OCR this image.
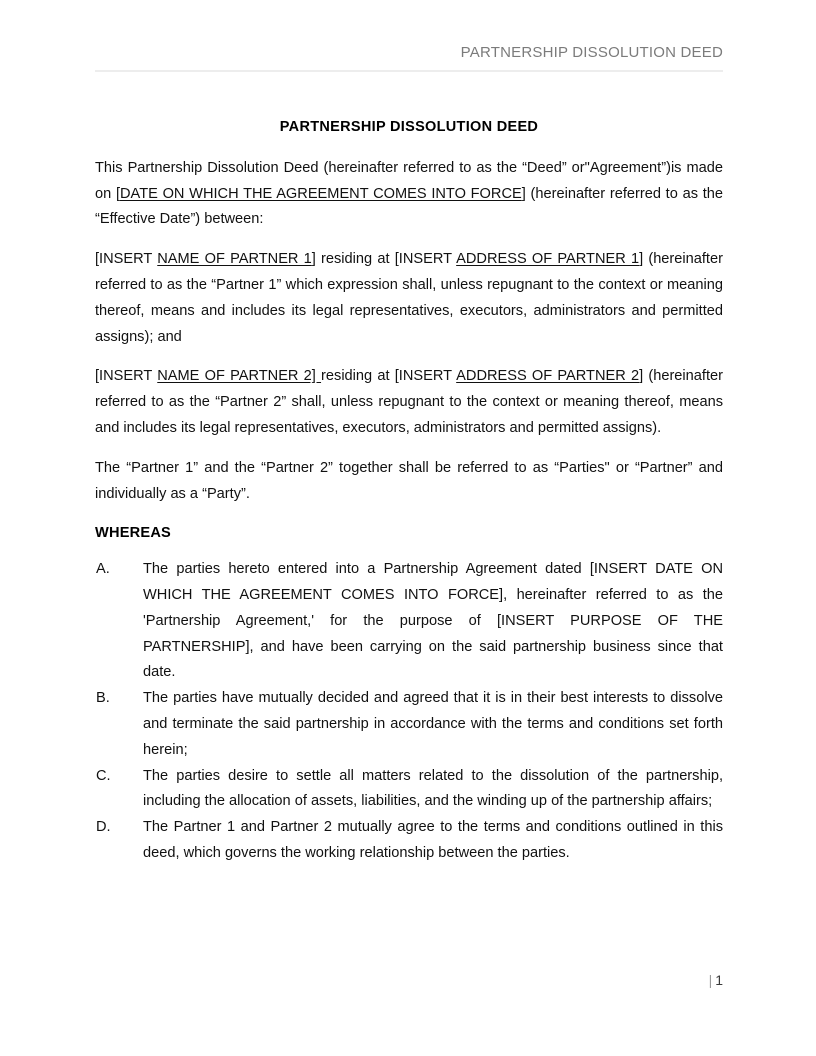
PARTNERSHIP DISSOLUTION DEED
PARTNERSHIP DISSOLUTION DEED

This Partnership Dissolution Deed (hereinafter referred to as the “Deed” or"Agreement”)is made on [DATE ON WHICH THE AGREEMENT COMES INTO FORCE] (hereinafter referred to as the “Effective Date”) between:

[INSERT NAME OF PARTNER 1] residing at [INSERT ADDRESS OF PARTNER 1] (hereinafter referred to as the “Partner 1” which expression shall, unless repugnant to the context or meaning thereof, means and includes its legal representatives, executors, administrators and permitted assigns); and

[INSERT NAME OF PARTNER 2] residing at [INSERT ADDRESS OF PARTNER 2] (hereinafter referred to as the “Partner 2” shall, unless repugnant to the context or meaning thereof, means and includes its legal representatives, executors, administrators and permitted assigns).

The “Partner 1” and the “Partner 2” together shall be referred to as “Parties" or “Partner” and individually as a “Party”.

WHEREAS
A.	The parties hereto entered into a Partnership Agreement dated [INSERT DATE ON WHICH THE AGREEMENT COMES INTO FORCE], hereinafter referred to as the 'Partnership Agreement,' for the purpose of [INSERT PURPOSE OF THE PARTNERSHIP], and have been carrying on the said partnership business since that date.
B.	The parties have mutually decided and agreed that it is in their best interests to dissolve and terminate the said partnership in accordance with the terms and conditions set forth herein;
C.	The parties desire to settle all matters related to the dissolution of the partnership, including the allocation of assets, liabilities, and the winding up of the partnership affairs;
D.	The Partner 1 and Partner 2 mutually agree to the terms and conditions outlined in this deed, which governs the working relationship between the parties.
| 1
